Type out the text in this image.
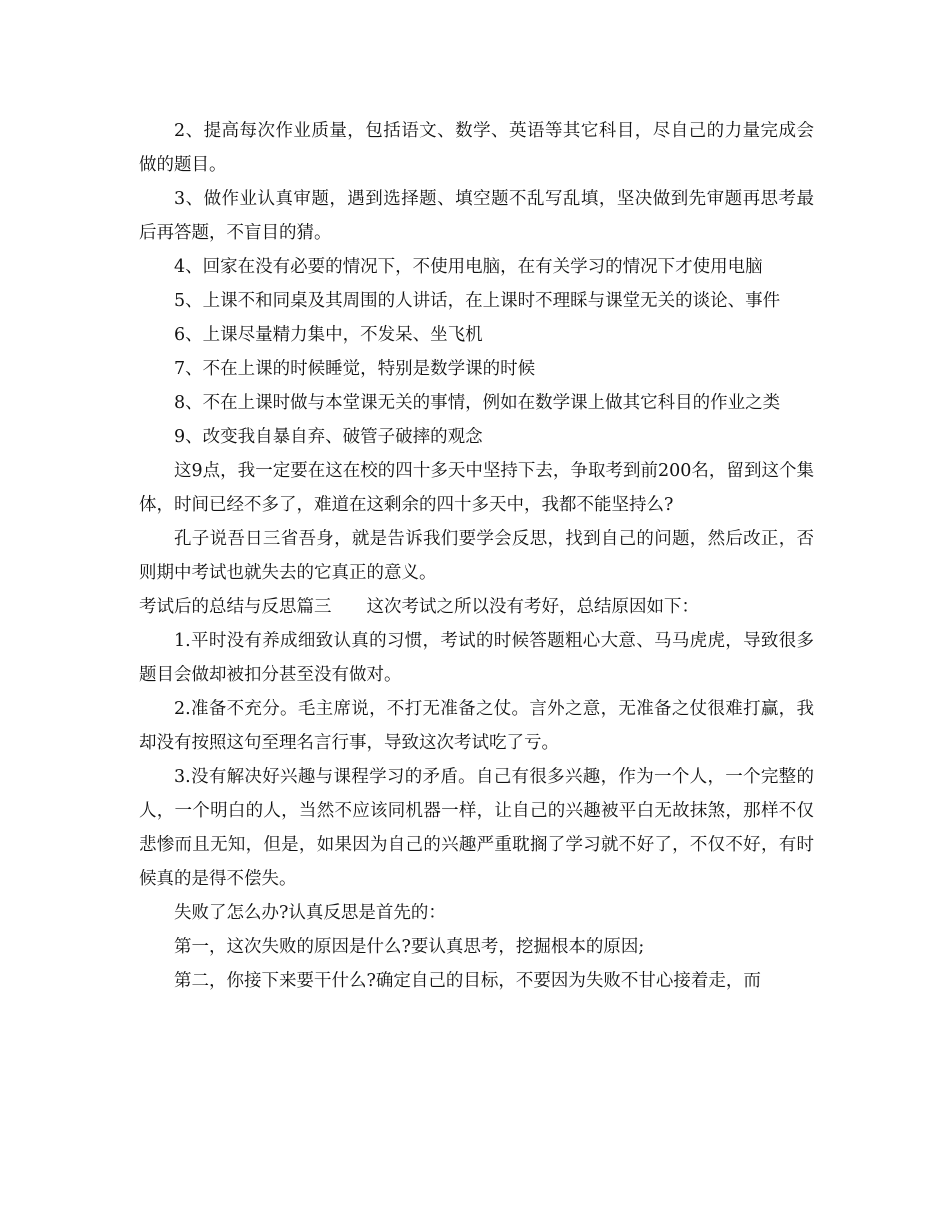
2、提高每次作业质量，包括语文、数学、英语等其它科目，尽自己的力量完成会做的题目。

3、做作业认真审题，遇到选择题、填空题不乱写乱填，坚决做到先审题再思考最后再答题，不盲目的猜。

4、回家在没有必要的情况下，不使用电脑，在有关学习的情况下才使用电脑

5、上课不和同桌及其周围的人讲话，在上课时不理睬与课堂无关的谈论、事件

6、上课尽量精力集中，不发呆、坐飞机

7、不在上课的时候睡觉，特别是数学课的时候

8、不在上课时做与本堂课无关的事情，例如在数学课上做其它科目的作业之类

9、改变我自暴自弃、破管子破摔的观念

这9点，我一定要在这在校的四十多天中坚持下去，争取考到前200名，留到这个集体，时间已经不多了，难道在这剩余的四十多天中，我都不能坚持么?

孔子说吾日三省吾身，就是告诉我们要学会反思，找到自己的问题，然后改正，否则期中考试也就失去的它真正的意义。

考试后的总结与反思篇三 这次考试之所以没有考好，总结原因如下：

1.平时没有养成细致认真的习惯，考试的时候答题粗心大意、马马虎虎，导致很多题目会做却被扣分甚至没有做对。

2.准备不充分。毛主席说，不打无准备之仗。言外之意，无准备之仗很难打赢，我却没有按照这句至理名言行事，导致这次考试吃了亏。

3.没有解决好兴趣与课程学习的矛盾。自己有很多兴趣，作为一个人，一个完整的人，一个明白的人，当然不应该同机器一样，让自己的兴趣被平白无故抹煞，那样不仅悲惨而且无知，但是，如果因为自己的兴趣严重耽搁了学习就不好了，不仅不好，有时候真的是得不偿失。

失败了怎么办?认真反思是首先的：

第一，这次失败的原因是什么?要认真思考，挖掘根本的原因;

第二，你接下来要干什么?确定自己的目标，不要因为失败不甘心接着走，而
